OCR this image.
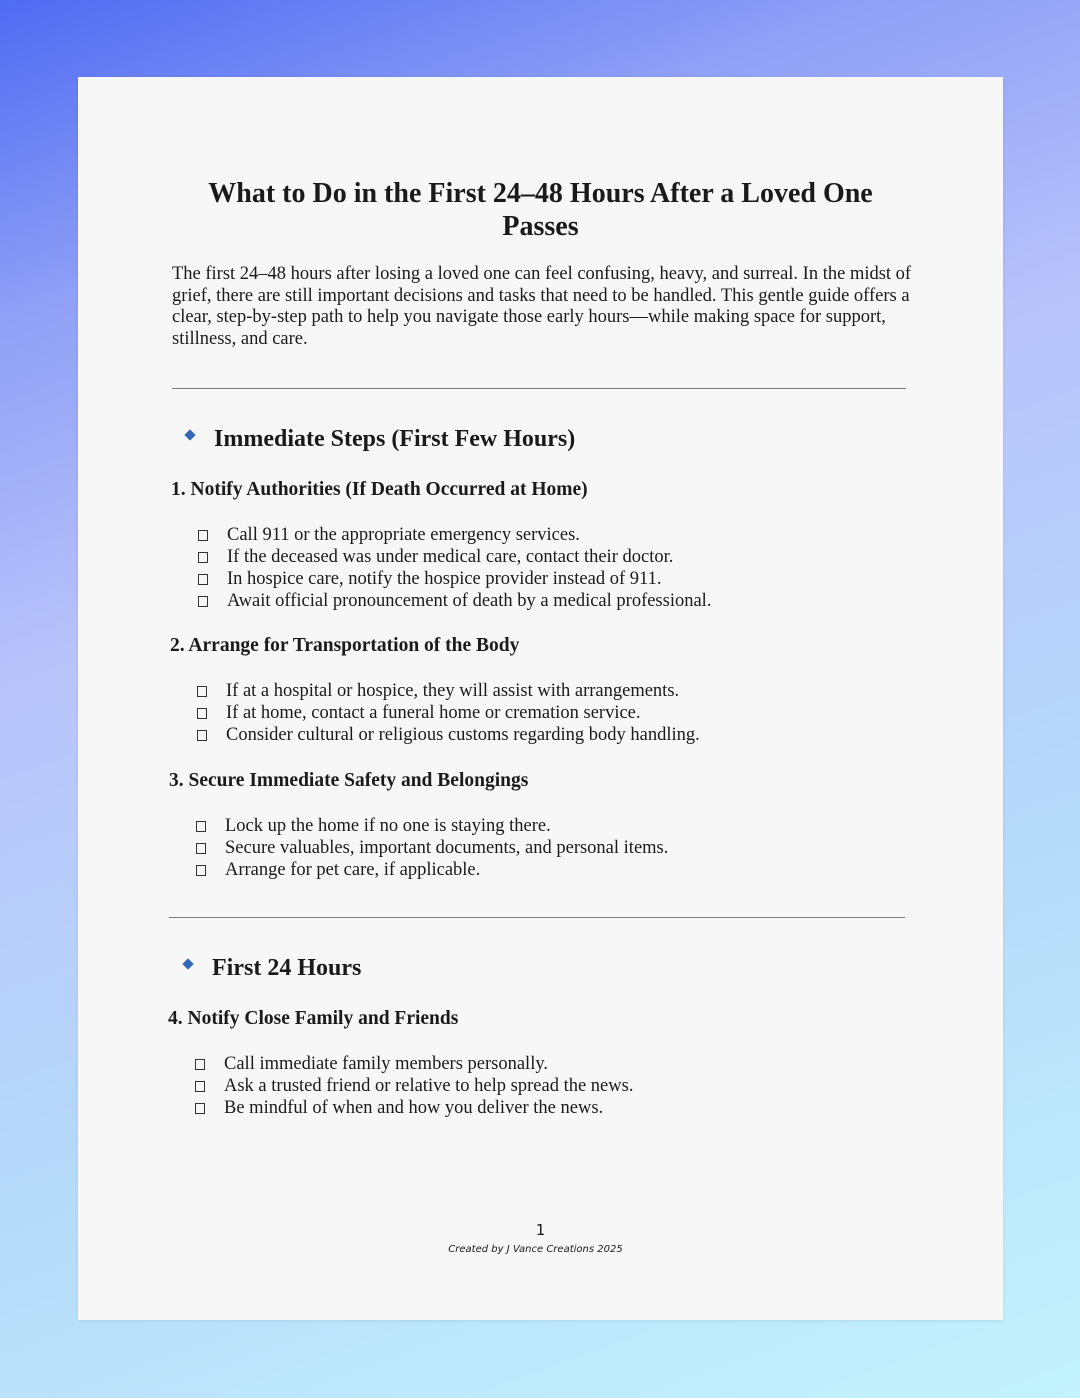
What to Do in the First 24–48 Hours After a Loved One Passes

The first 24–48 hours after losing a loved one can feel confusing, heavy, and surreal. In the midst of grief, there are still important decisions and tasks that need to be handled. This gentle guide offers a clear, step-by-step path to help you navigate those early hours—while making space for support, stillness, and care.

Immediate Steps (First Few Hours)
1. Notify Authorities (If Death Occurred at Home)
Call 911 or the appropriate emergency services.
If the deceased was under medical care, contact their doctor.
In hospice care, notify the hospice provider instead of 911.
Await official pronouncement of death by a medical professional.
2. Arrange for Transportation of the Body
If at a hospital or hospice, they will assist with arrangements.
If at home, contact a funeral home or cremation service.
Consider cultural or religious customs regarding body handling.
3. Secure Immediate Safety and Belongings
Lock up the home if no one is staying there.
Secure valuables, important documents, and personal items.
Arrange for pet care, if applicable.
First 24 Hours
4. Notify Close Family and Friends
Call immediate family members personally.
Ask a trusted friend or relative to help spread the news.
Be mindful of when and how you deliver the news.
1
Created by J Vance Creations 2025
